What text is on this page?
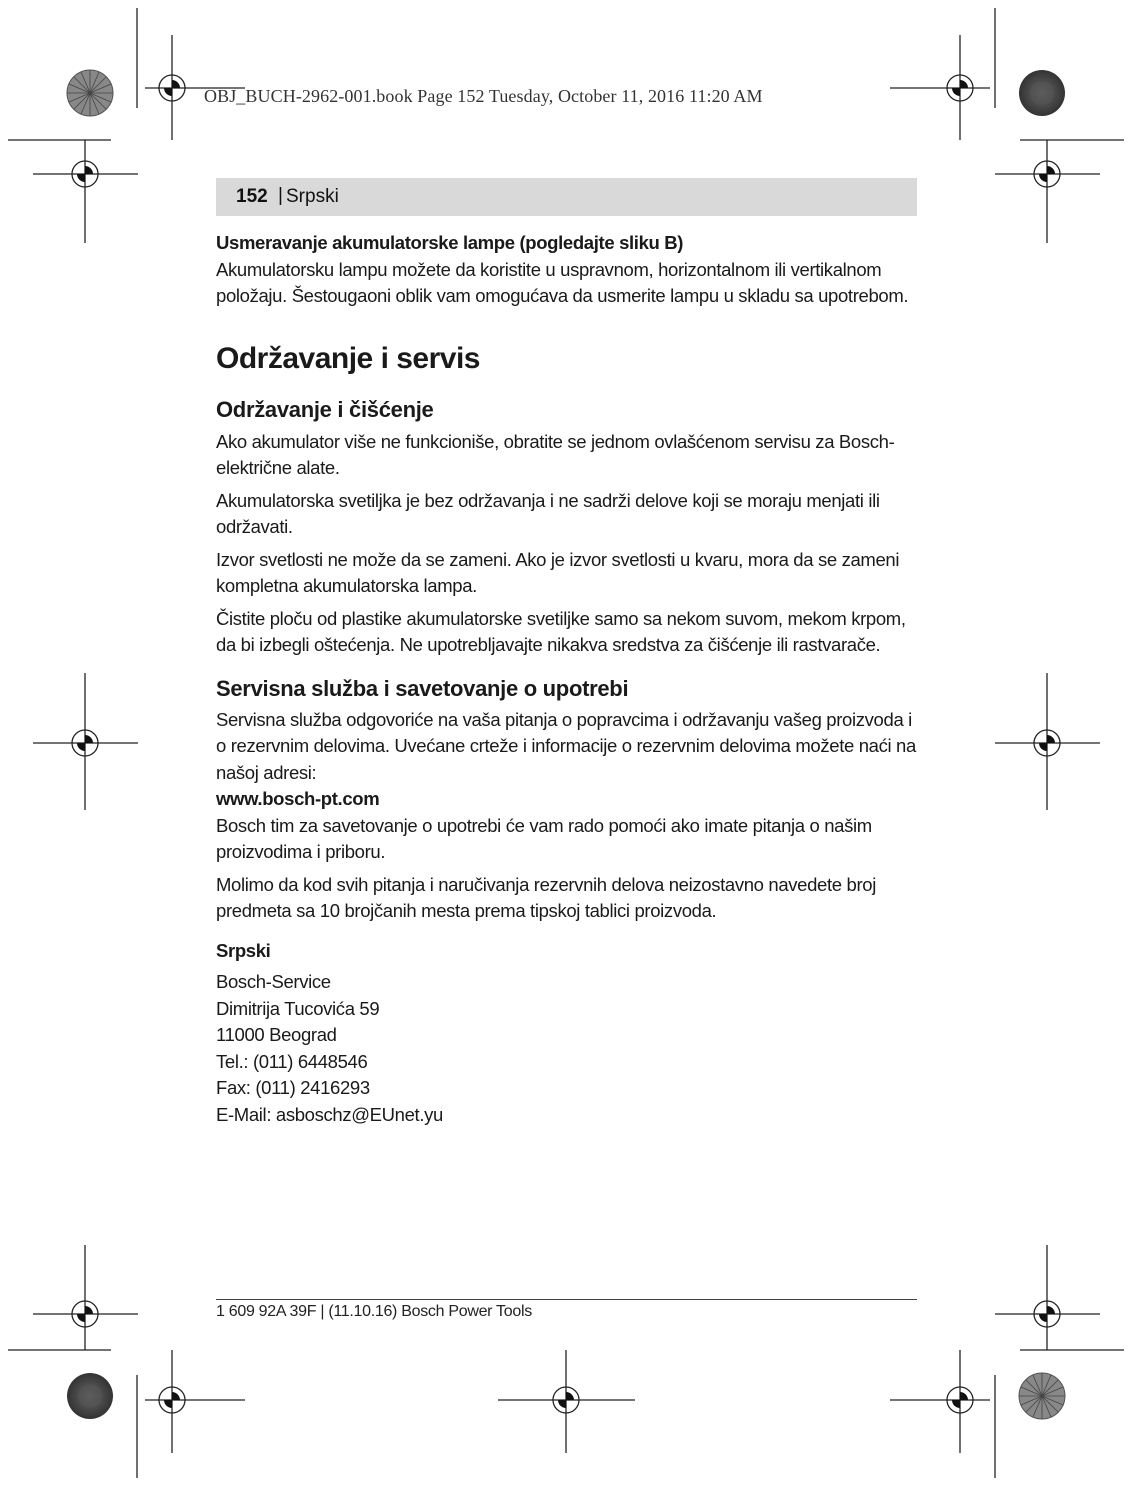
OBJ_BUCH-2962-001.book Page 152 Tuesday, October 11, 2016 11:20 AM
152 | Srpski

Usmeravanje akumulatorske lampe (pogledajte sliku B)

Akumulatorsku lampu možete da koristite u uspravnom, horizontalnom ili vertikalnom položaju. Šestougaoni oblik vam omogućava da usmerite lampu u skladu sa upotrebom.

Održavanje i servis
Održavanje i čišćenje

Ako akumulator više ne funkcioniše, obratite se jednom ovlašćenom servisu za Bosch-električne alate.

Akumulatorska svetiljka je bez održavanja i ne sadrži delove koji se moraju menjati ili održavati.

Izvor svetlosti ne može da se zameni. Ako je izvor svetlosti u kvaru, mora da se zameni kompletna akumulatorska lampa.

Čistite ploču od plastike akumulatorske svetiljke samo sa nekom suvom, mekom krpom, da bi izbegli oštećenja. Ne upotrebljavajte nikakva sredstva za čišćenje ili rastvarače.

Servisna služba i savetovanje o upotrebi

Servisna služba odgovoriće na vaša pitanja o popravcima i održavanju vašeg proizvoda i o rezervnim delovima. Uvećane crteže i informacije o rezervnim delovima možete naći na našoj adresi:

www.bosch-pt.com

Bosch tim za savetovanje o upotrebi će vam rado pomoći ako imate pitanja o našim proizvodima i priboru.

Molimo da kod svih pitanja i naručivanja rezervnih delova neizostavno navedete broj predmeta sa 10 brojčanih mesta prema tipskoj tablici proizvoda.

Srpski

Bosch-Service

Dimitrija Tucovića 59

11000 Beograd

Tel.: (011) 6448546

Fax: (011) 2416293

E-Mail: asboschz@EUnet.yu

1 609 92A 39F | (11.10.16) Bosch Power Tools
